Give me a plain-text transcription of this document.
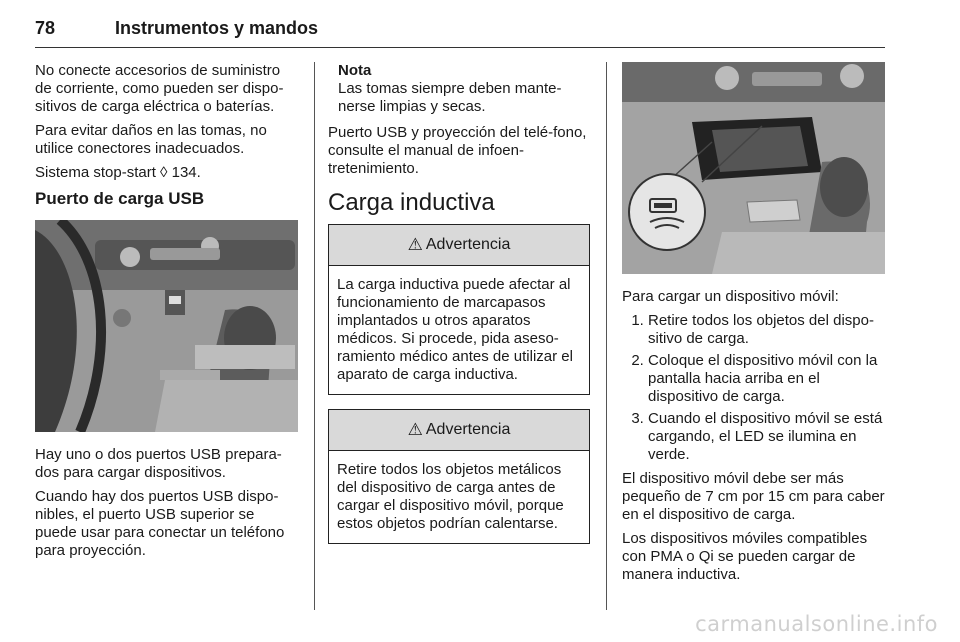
78	Instrumentos y mandos

No conecte accesorios de suministro de corriente, como pueden ser dispo-sitivos de carga eléctrica o baterías.

Para evitar daños en las tomas, no utilice conectores inadecuados.

Sistema stop-start ◊ 134.

Puerto de carga USB

Hay uno o dos puertos USB prepara-dos para cargar dispositivos.

Cuando hay dos puertos USB dispo-nibles, el puerto USB superior se puede usar para conectar un teléfono para proyección.

Nota
Las tomas siempre deben mante-nerse limpias y secas.

Puerto USB y proyección del telé-fono, consulte el manual de infoen-tretenimiento.

Carga inductiva
⚠ Advertencia
La carga inductiva puede afectar al funcionamiento de marcapasos implantados u otros aparatos médicos. Si procede, pida aseso-ramiento médico antes de utilizar el aparato de carga inductiva.
⚠ Advertencia
Retire todos los objetos metálicos del dispositivo de carga antes de cargar el dispositivo móvil, porque estos objetos podrían calentarse.

Para cargar un dispositivo móvil:

1. Retire todos los objetos del dispo-sitivo de carga.
2. Coloque el dispositivo móvil con la pantalla hacia arriba en el dispositivo de carga.
3. Cuando el dispositivo móvil se está cargando, el LED se ilumina en verde.

El dispositivo móvil debe ser más pequeño de 7 cm por 15 cm para caber en el dispositivo de carga.

Los dispositivos móviles compatibles con PMA o Qi se pueden cargar de manera inductiva.

carmanualsonline.info
